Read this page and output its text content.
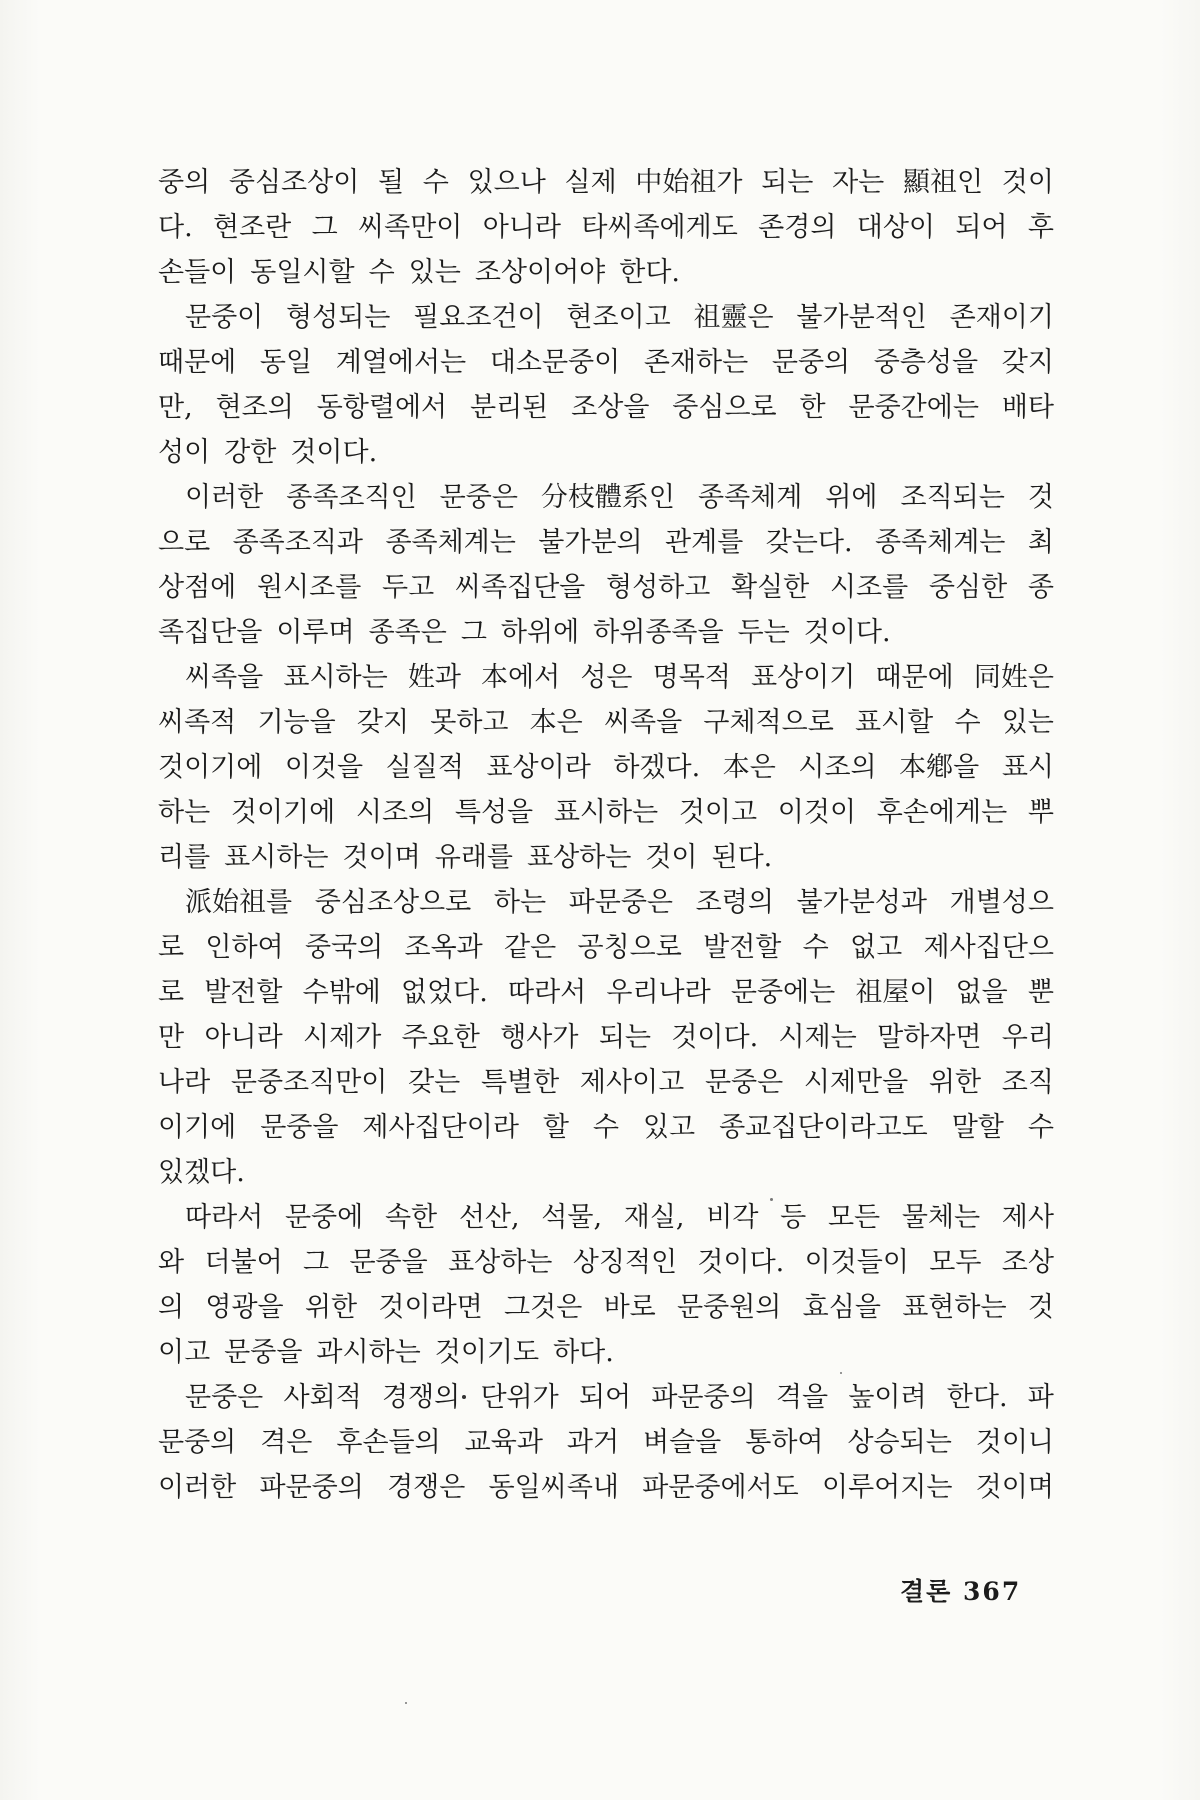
중의 중심조상이 될 수 있으나 실제 中始祖가 되는 자는 顯祖인 것이
다. 현조란 그 씨족만이 아니라 타씨족에게도 존경의 대상이 되어 후
손들이 동일시할 수 있는 조상이어야 한다.
문중이 형성되는 필요조건이 현조이고 祖靈은 불가분적인 존재이기
때문에 동일 계열에서는 대소문중이 존재하는 문중의 중층성을 갖지
만, 현조의 동항렬에서 분리된 조상을 중심으로 한 문중간에는 배타
성이 강한 것이다.
이러한 종족조직인 문중은 分枝體系인 종족체계 위에 조직되는 것
으로 종족조직과 종족체계는 불가분의 관계를 갖는다. 종족체계는 최
상점에 원시조를 두고 씨족집단을 형성하고 확실한 시조를 중심한 종
족집단을 이루며 종족은 그 하위에 하위종족을 두는 것이다.
씨족을 표시하는 姓과 本에서 성은 명목적 표상이기 때문에 同姓은
씨족적 기능을 갖지 못하고 本은 씨족을 구체적으로 표시할 수 있는
것이기에 이것을 실질적 표상이라 하겠다. 本은 시조의 本鄕을 표시
하는 것이기에 시조의 특성을 표시하는 것이고 이것이 후손에게는 뿌
리를 표시하는 것이며 유래를 표상하는 것이 된다.
派始祖를 중심조상으로 하는 파문중은 조령의 불가분성과 개별성으
로 인하여 중국의 조옥과 같은 공칭으로 발전할 수 없고 제사집단으
로 발전할 수밖에 없었다. 따라서 우리나라 문중에는 祖屋이 없을 뿐
만 아니라 시제가 주요한 행사가 되는 것이다. 시제는 말하자면 우리
나라 문중조직만이 갖는 특별한 제사이고 문중은 시제만을 위한 조직
이기에 문중을 제사집단이라 할 수 있고 종교집단이라고도 말할 수
있겠다.
따라서 문중에 속한 선산, 석물, 재실, 비각 등 모든 물체는 제사
와 더불어 그 문중을 표상하는 상징적인 것이다. 이것들이 모두 조상
의 영광을 위한 것이라면 그것은 바로 문중원의 효심을 표현하는 것
이고 문중을 과시하는 것이기도 하다.
문중은 사회적 경쟁의 단위가 되어 파문중의 격을 높이려 한다. 파
문중의 격은 후손들의 교육과 과거 벼슬을 통하여 상승되는 것이니
이러한 파문중의 경쟁은 동일씨족내 파문중에서도 이루어지는 것이며
결론 367
